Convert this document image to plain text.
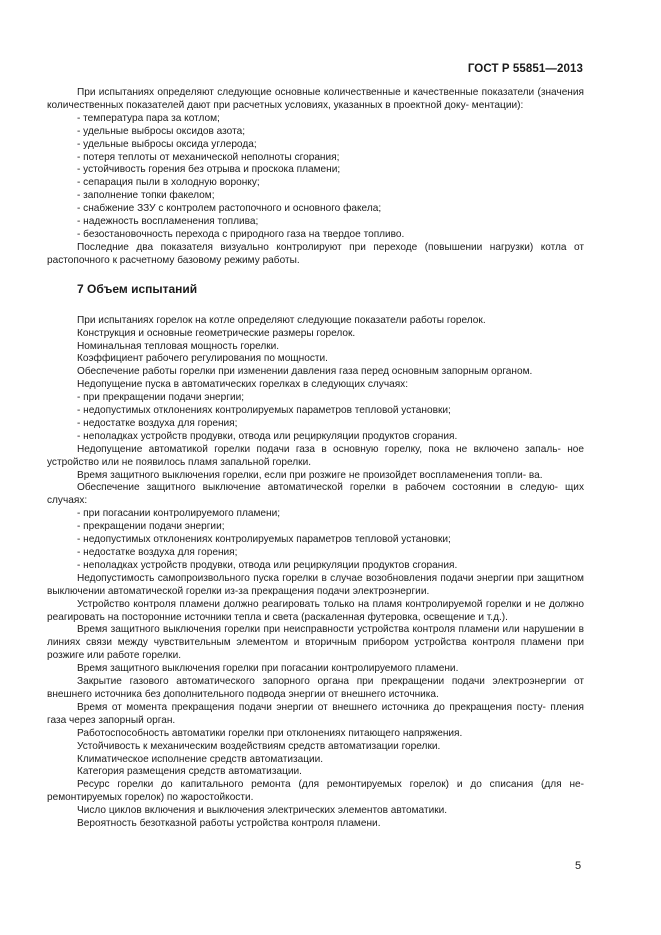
ГОСТ Р 55851—2013

При испытаниях определяют следующие основные количественные и качественные показатели (значения количественных показателей дают при расчетных условиях, указанных в проектной доку- ментации):

- температура пара за котлом;
- удельные выбросы оксидов азота;
- удельные выбросы оксида углерода;
- потеря теплоты от механической неполноты сгорания;
- устойчивость горения без отрыва и проскока пламени;
- сепарация пыли в холодную воронку;
- заполнение топки факелом;
- снабжение ЗЗУ с контролем растопочного и основного факела;
- надежность воспламенения топлива;
- безостановочность перехода с природного газа на твердое топливо.

Последние два показателя визуально контролируют при переходе (повышении нагрузки) котла от растопочного к расчетному базовому режиму работы.

7 Объем испытаний

При испытаниях горелок на котле определяют следующие показатели работы горелок.

Конструкция и основные геометрические размеры горелок.

Номинальная тепловая мощность горелки.

Коэффициент рабочего регулирования по мощности.

Обеспечение работы горелки при изменении давления газа перед основным запорным органом.

Недопущение пуска в автоматических горелках в следующих случаях:

- при прекращении подачи энергии;
- недопустимых отклонениях контролируемых параметров тепловой установки;
- недостатке воздуха для горения;
- неполадках устройств продувки, отвода или рециркуляции продуктов сгорания.

Недопущение автоматикой горелки подачи газа в основную горелку, пока не включено запаль- ное устройство или не появилось пламя запальной горелки.

Время защитного выключения горелки, если при розжиге не произойдет воспламенения топли- ва.

Обеспечение защитного выключение автоматической горелки в рабочем состоянии в следую- щих случаях:

- при погасании контролируемого пламени;
- прекращении подачи энергии;
- недопустимых отклонениях контролируемых параметров тепловой установки;
- недостатке воздуха для горения;
- неполадках устройств продувки, отвода или рециркуляции продуктов сгорания.

Недопустимость самопроизвольного пуска горелки в случае возобновления подачи энергии при защитном выключении автоматической горелки из-за прекращения подачи электроэнергии.

Устройство контроля пламени должно реагировать только на пламя контролируемой горелки и не должно реагировать на посторонние источники тепла и света (раскаленная футеровка, освещение и т.д.).

Время защитного выключения горелки при неисправности устройства контроля пламени или нарушении в линиях связи между чувствительным элементом и вторичным прибором устройства контроля пламени при розжиге или работе горелки.

Время защитного выключения горелки при погасании контролируемого пламени.

Закрытие газового автоматического запорного органа при прекращении подачи электроэнергии от внешнего источника без дополнительного подвода энергии от внешнего источника.

Время от момента прекращения подачи энергии от внешнего источника до прекращения посту- пления газа через запорный орган.

Работоспособность автоматики горелки при отклонениях питающего напряжения.

Устойчивость к механическим воздействиям средств автоматизации горелки.

Климатическое исполнение средств автоматизации.

Категория размещения средств автоматизации.

Ресурс горелки до капитального ремонта (для ремонтируемых горелок) и до списания (для не- ремонтируемых горелок) по жаростойкости.

Число циклов включения и выключения электрических элементов автоматики.

Вероятность безотказной работы устройства контроля пламени.

5
